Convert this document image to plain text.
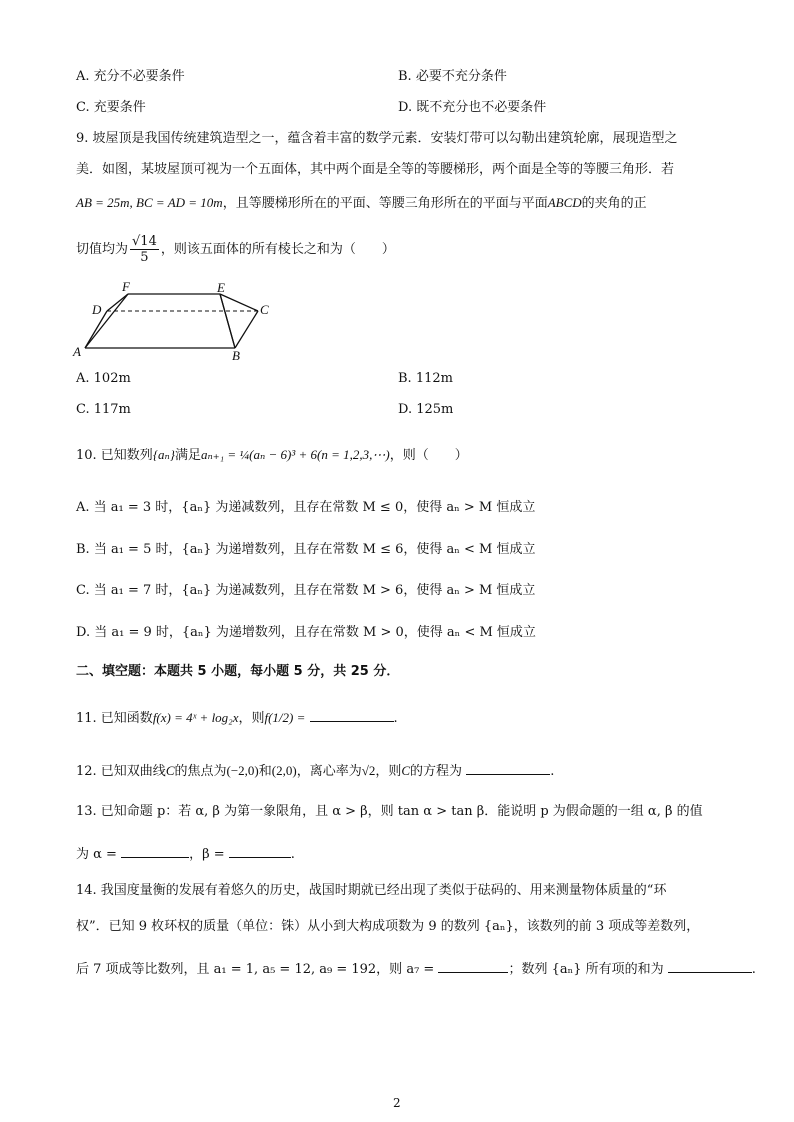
A. 充分不必要条件	B. 必要不充分条件
C. 充要条件	D. 既不充分也不必要条件
9. 坡屋顶是我国传统建筑造型之一，蕴含着丰富的数学元素．安装灯带可以勾勒出建筑轮廓，展现造型之
美．如图，某坡屋顶可视为一个五面体，其中两个面是全等的等腰梯形，两个面是全等的等腰三角形．若
AB = 25m, BC = AD = 10m，且等腰梯形所在的平面、等腰三角形所在的平面与平面ABCD的夹角的正
切值均为 $\frac{√14}{5}$ ，则该五面体的所有棱长之和为（　　）
F	E
D	C
A	B
A. 102m	B. 112m
C. 117m	D. 125m
10. 已知数列{aₙ}满足aₙ₊₁ = ¼(aₙ − 6)³ + 6(n = 1,2,3,⋯)，则（　　）
A. 当 a₁ = 3 时，{aₙ} 为递减数列，且存在常数 M ≤ 0，使得 aₙ > M 恒成立
B. 当 a₁ = 5 时，{aₙ} 为递增数列，且存在常数 M ≤ 6，使得 aₙ < M 恒成立
C. 当 a₁ = 7 时，{aₙ} 为递减数列，且存在常数 M > 6，使得 aₙ > M 恒成立
D. 当 a₁ = 9 时，{aₙ} 为递增数列，且存在常数 M > 0，使得 aₙ < M 恒成立
二、填空题：本题共 5 小题，每小题 5 分，共 25 分．
11. 已知函数f(x) = 4ˣ + log₂x，则f(1/2) =	.
12. 已知双曲线C的焦点为(−2,0)和(2,0)，离心率为√2，则C的方程为	.
13. 已知命题 p：若 α, β 为第一象限角，且 α > β，则 tan α > tan β．能说明 p 为假命题的一组 α, β 的值
为 α =	，β =	.
14. 我国度量衡的发展有着悠久的历史，战国时期就已经出现了类似于砝码的、用来测量物体质量的“环
权”．已知 9 枚环权的质量（单位：铢）从小到大构成项数为 9 的数列 {aₙ}，该数列的前 3 项成等差数列，
后 7 项成等比数列，且 a₁ = 1, a₅ = 12, a₉ = 192，则 a₇ =	；数列 {aₙ} 所有项的和为	.
2
